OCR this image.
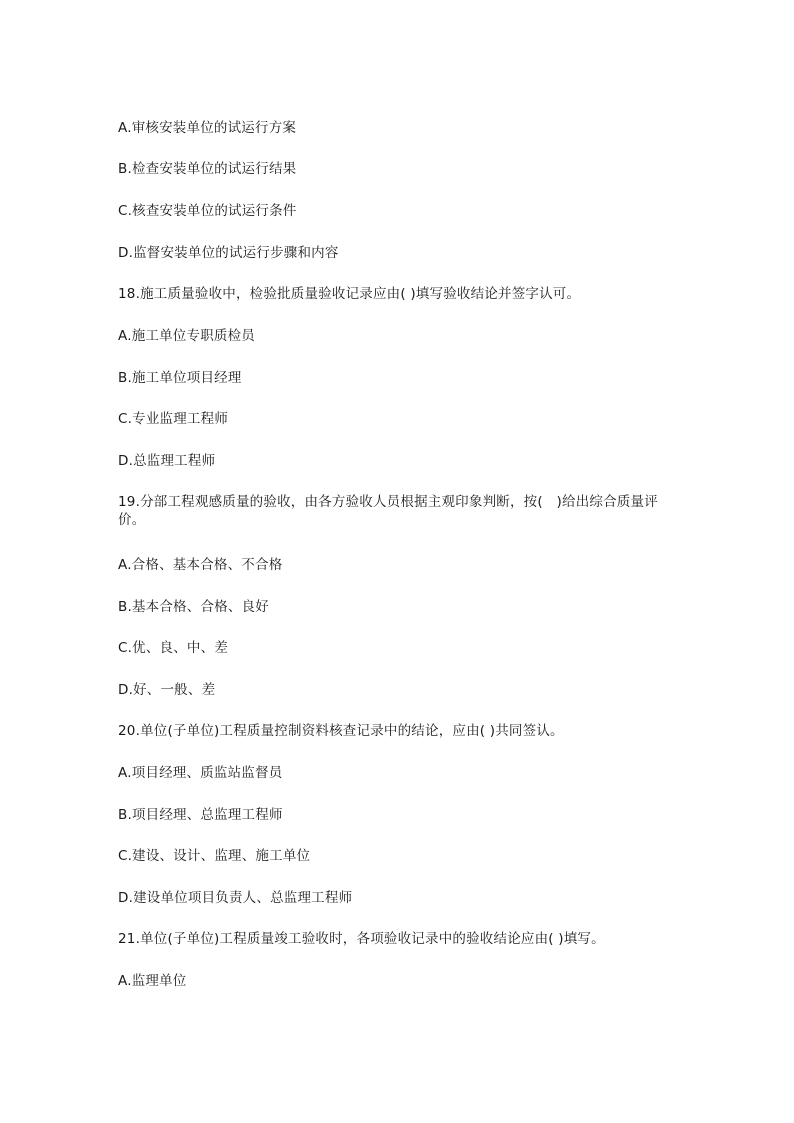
A.审核安装单位的试运行方案
B.检查安装单位的试运行结果
C.核查安装单位的试运行条件
D.监督安装单位的试运行步骤和内容
18.施工质量验收中，检验批质量验收记录应由( )填写验收结论并签字认可。
A.施工单位专职质检员
B.施工单位项目经理
C.专业监理工程师
D.总监理工程师
19.分部工程观感质量的验收，由各方验收人员根据主观印象判断，按(　)给出综合质量评价。
A.合格、基本合格、不合格
B.基本合格、合格、良好
C.优、良、中、差
D.好、一般、差
20.单位(子单位)工程质量控制资料核查记录中的结论，应由( )共同签认。
A.项目经理、质监站监督员
B.项目经理、总监理工程师
C.建设、设计、监理、施工单位
D.建设单位项目负责人、总监理工程师
21.单位(子单位)工程质量竣工验收时，各项验收记录中的验收结论应由( )填写。
A.监理单位
